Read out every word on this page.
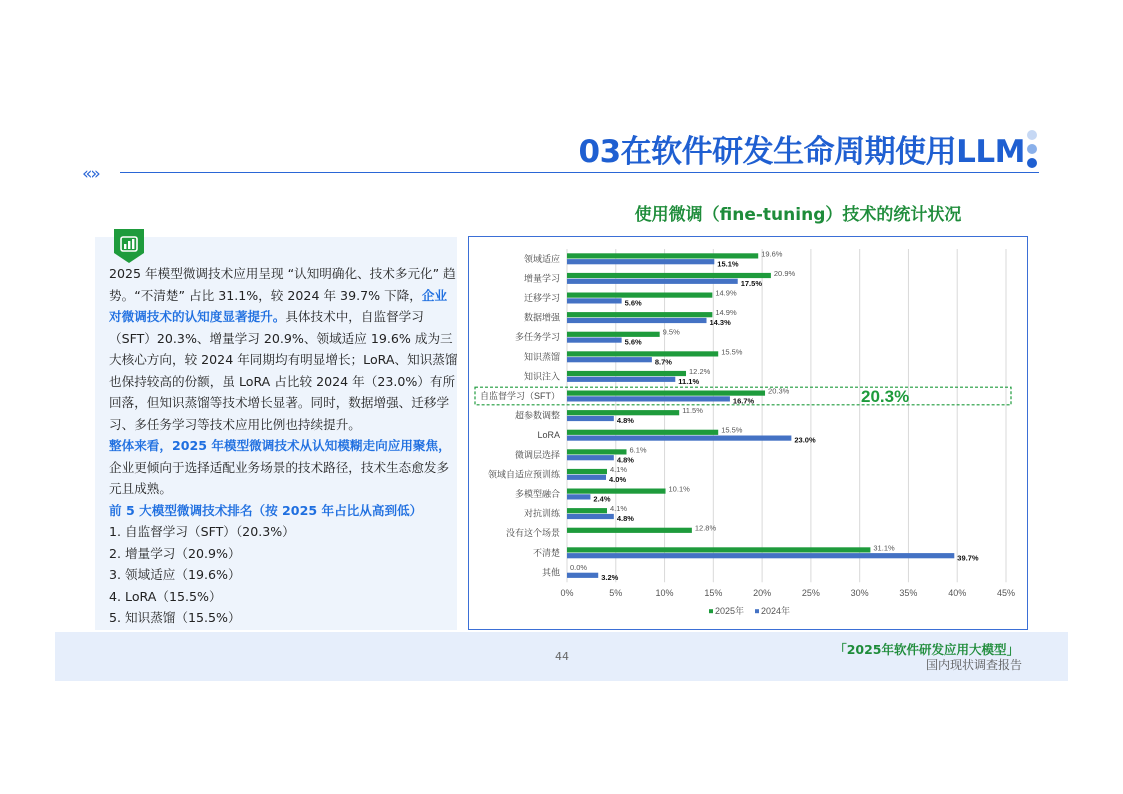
03在软件研发生命周期使用LLM
«»
使用微调（fine-tuning）技术的统计状况

2025 年模型微调技术应用呈现 “认知明确化、技术多元化” 趋势。“不清楚” 占比 31.1%，较 2024 年 39.7% 下降，企业对微调技术的认知度显著提升。具体技术中，自监督学习（SFT）20.3%、增量学习 20.9%、领域适应 19.6% 成为三大核心方向，较 2024 年同期均有明显增长；LoRA、知识蒸馏也保持较高的份额，虽 LoRA 占比较 2024 年（23.0%）有所回落，但知识蒸馏等技术增长显著。同时，数据增强、迁移学习、多任务学习等技术应用比例也持续提升。

整体来看，2025 年模型微调技术从认知模糊走向应用聚焦，企业更倾向于选择适配业务场景的技术路径，技术生态愈发多元且成熟。

前 5 大模型微调技术排名（按 2025 年占比从高到低）

1. 自监督学习（SFT）（20.3%）

2. 增量学习（20.9%）

3. 领域适应（19.6%）

4. LoRA（15.5%）

5. 知识蒸馏（15.5%）

0%	5%	10%	15%	20%	25%	30%	35%	40%	45%
领域适应
19.6%
15.1%
增量学习	20.9%
17.5%
迁移学习	14.9%
5.6%
数据增强	14.9%
14.3%
多任务学习	9.5%
5.6%
知识蒸馏	15.5%
8.7%
知识注入	12.2%
11.1%
自监督学习（SFT）	20.3%
16.7%	20.3%
超参数调整	11.5%
4.8%
LoRA	15.5%
23.0%
微调层选择	6.1%
4.8%
领域自适应预训练	4.1%
4.0%
多模型融合	10.1%
2.4%
对抗训练
4.1%
4.8%
没有这个场景	12.8%
不清楚	31.1%
39.7%
其他 0.0%
3.2%
2025年 2024年
44	「2025年软件研发应用大模型」
国内现状调查报告
